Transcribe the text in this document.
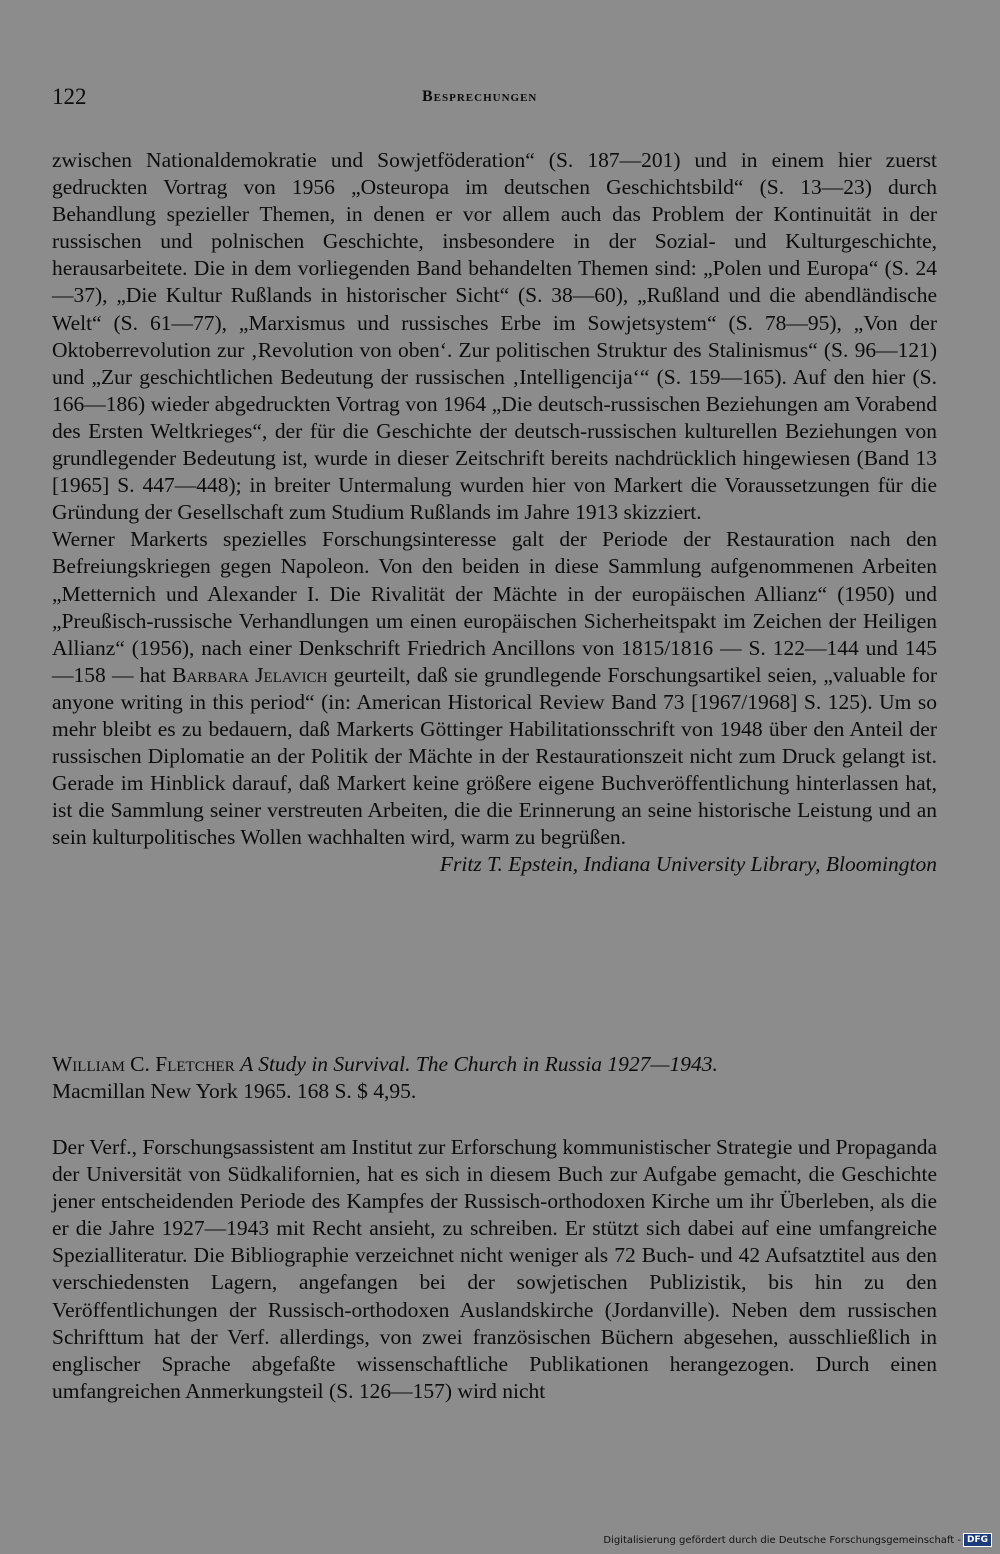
122	Besprechungen

zwischen Nationaldemokratie und Sowjetföderation“ (S. 187—201) und in einem hier zuerst gedruckten Vortrag von 1956 „Osteuropa im deutschen Geschichtsbild“ (S. 13—23) durch Behandlung spezieller Themen, in denen er vor allem auch das Problem der Kontinuität in der russischen und polnischen Geschichte, insbesondere in der Sozial- und Kulturgeschichte, herausarbeitete. Die in dem vorliegenden Band behandelten Themen sind: „Polen und Europa“ (S. 24—37), „Die Kultur Rußlands in historischer Sicht“ (S. 38—60), „Rußland und die abendländische Welt“ (S. 61—77), „Marxismus und russisches Erbe im Sowjetsystem“ (S. 78—95), „Von der Oktoberrevolution zur ‚Revolution von oben‘. Zur politischen Struktur des Stalinismus“ (S. 96—121) und „Zur geschichtlichen Bedeutung der russischen ‚Intelligencija‘“ (S. 159—165). Auf den hier (S. 166—186) wieder abgedruckten Vortrag von 1964 „Die deutsch-russischen Beziehungen am Vorabend des Ersten Weltkrieges“, der für die Geschichte der deutsch-russischen kulturellen Beziehungen von grundlegender Bedeutung ist, wurde in dieser Zeitschrift bereits nachdrücklich hingewiesen (Band 13 [1965] S. 447—448); in breiter Untermalung wurden hier von Markert die Voraussetzungen für die Gründung der Gesellschaft zum Studium Rußlands im Jahre 1913 skizziert.

Werner Markerts spezielles Forschungsinteresse galt der Periode der Restauration nach den Befreiungskriegen gegen Napoleon. Von den beiden in diese Sammlung aufgenommenen Arbeiten „Metternich und Alexander I. Die Rivalität der Mächte in der europäischen Allianz“ (1950) und „Preußisch-russische Verhandlungen um einen europäischen Sicherheitspakt im Zeichen der Heiligen Allianz“ (1956), nach einer Denkschrift Friedrich Ancillons von 1815/1816 — S. 122—144 und 145—158 — hat Barbara Jelavich geurteilt, daß sie grundlegende Forschungsartikel seien, „valuable for anyone writing in this period“ (in: American Historical Review Band 73 [1967/1968] S. 125). Um so mehr bleibt es zu bedauern, daß Markerts Göttinger Habilitationsschrift von 1948 über den Anteil der russischen Diplomatie an der Politik der Mächte in der Restaurationszeit nicht zum Druck gelangt ist. Gerade im Hinblick darauf, daß Markert keine größere eigene Buchveröffentlichung hinterlassen hat, ist die Sammlung seiner verstreuten Arbeiten, die die Erinnerung an seine historische Leistung und an sein kulturpolitisches Wollen wachhalten wird, warm zu begrüßen.

Fritz T. Epstein, Indiana University Library, Bloomington

William C. Fletcher A Study in Survival. The Church in Russia 1927—1943.

Macmillan New York 1965. 168 S. $ 4,95.

Der Verf., Forschungsassistent am Institut zur Erforschung kommunistischer Strategie und Propaganda der Universität von Südkalifornien, hat es sich in diesem Buch zur Aufgabe gemacht, die Geschichte jener entscheidenden Periode des Kampfes der Russisch-orthodoxen Kirche um ihr Überleben, als die er die Jahre 1927—1943 mit Recht ansieht, zu schreiben. Er stützt sich dabei auf eine umfangreiche Spezialliteratur. Die Bibliographie verzeichnet nicht weniger als 72 Buch- und 42 Aufsatztitel aus den verschiedensten Lagern, angefangen bei der sowjetischen Publizistik, bis hin zu den Veröffentlichungen der Russisch-orthodoxen Auslandskirche (Jordanville). Neben dem russischen Schrifttum hat der Verf. allerdings, von zwei französischen Büchern abgesehen, ausschließlich in englischer Sprache abgefaßte wissenschaftliche Publikationen herangezogen. Durch einen umfangreichen Anmerkungsteil (S. 126—157) wird nicht

Digitalisierung gefördert durch die Deutsche Forschungsgemeinschaft - DFG
